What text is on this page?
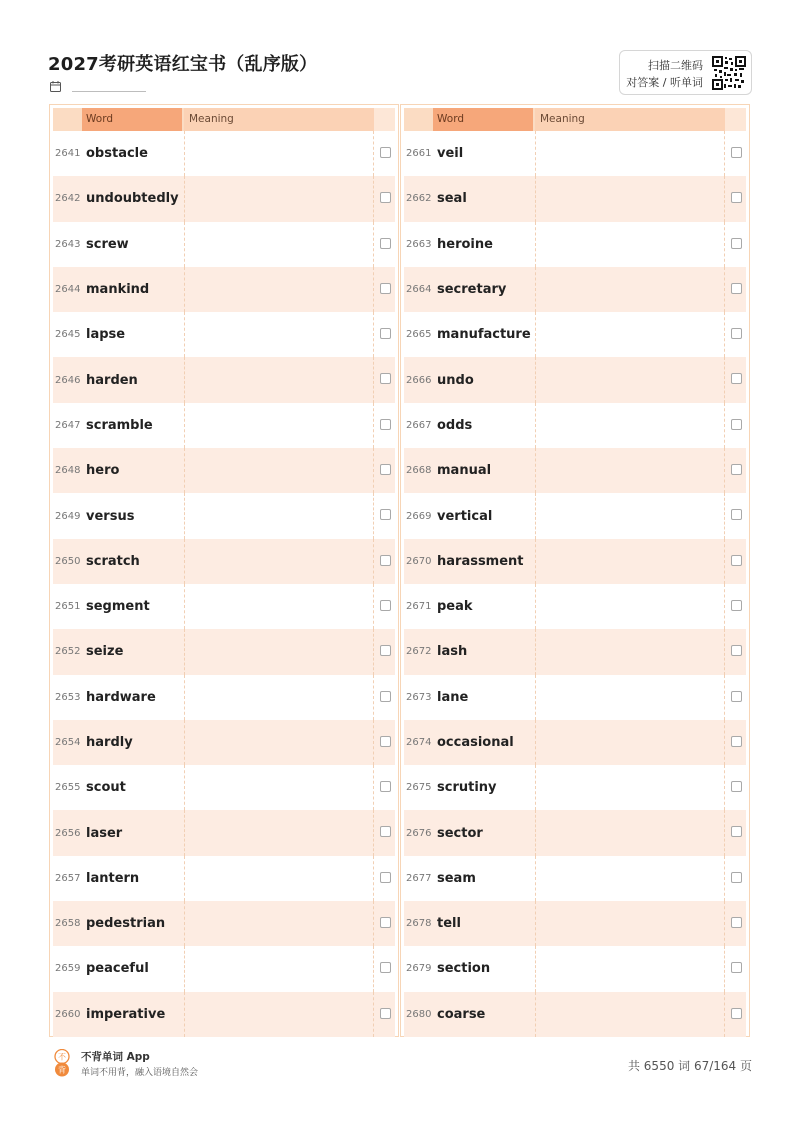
2027考研英语红宝书（乱序版）	扫描二维码
对答案 / 听单词
Word	Meaning
2641 obstacle
2642 undoubtedly
2643 screw
2644 mankind
2645 lapse
2646 harden
2647 scramble
2648 hero
2649 versus
2650 scratch
2651 segment
2652 seize
2653 hardware
2654 hardly
2655 scout
2656 laser
2657 lantern
2658 pedestrian
2659 peaceful
2660 imperative
Word	Meaning
2661 veil
2662 seal
2663 heroine
2664 secretary
2665 manufacture
2666 undo
2667 odds
2668 manual
2669 vertical
2670 harassment
2671 peak
2672 lash
2673 lane
2674 occasional
2675 scrutiny
2676 sector
2677 seam
2678 tell
2679 section
2680 coarse
不
背
不背单词 App
单词不用背，融入语境自然会	共 6550 词 67/164 页
